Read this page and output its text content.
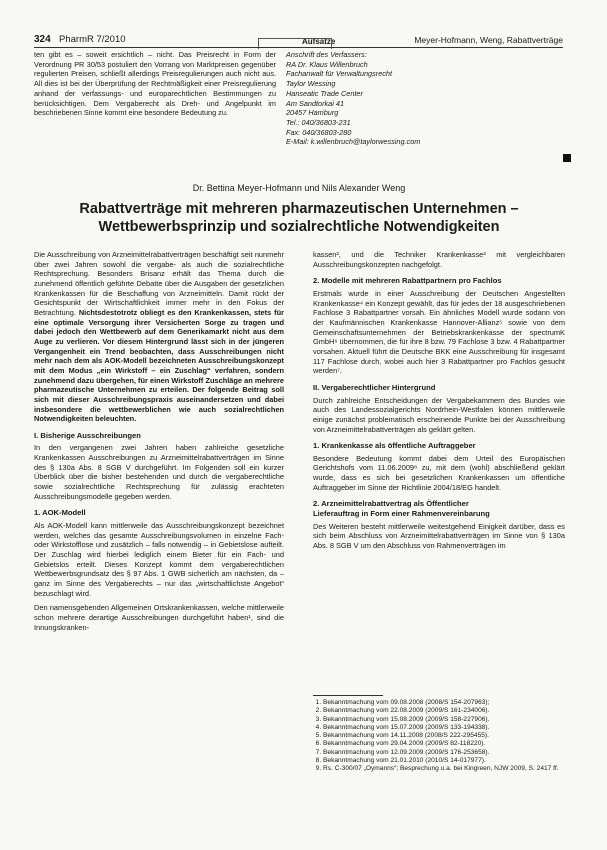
324 PharmR 7/2010	Aufsätze	Meyer-Hofmann, Weng, Rabattverträge
ten gibt es – soweit ersichtlich – nicht. Das Preisrecht in Form der Verordnung PR 30/53 postuliert den Vorrang von Marktpreisen gegenüber regulierten Preisen, schließt allerdings Preisregulierungen auch nicht aus. All dies ist bei der Überprüfung der Rechtmäßigkeit einer Preisregulierung anhand der verfassungs- und europarechtlichen Bestimmungen zu berücksichtigen. Dem Vergaberecht als Dreh- und Angelpunkt im beschriebenen Sinne kommt eine besondere Bedeutung zu.
Anschrift des Verfassers:
RA Dr. Klaus Willenbruch
Fachanwalt für Verwaltungsrecht
Taylor Wessing
Hanseatic Trade Center
Am Sandtorkai 41
20457 Hamburg
Tel.: 040/36803-231
Fax: 040/36803-280
E-Mail: k.willenbruch@taylorwessing.com
Dr. Bettina Meyer-Hofmann und Nils Alexander Weng
Rabattverträge mit mehreren pharmazeutischen Unternehmen –
Wettbewerbsprinzip und sozialrechtliche Notwendigkeiten

Die Ausschreibung von Arzneimittelrabattverträgen beschäftigt seit nunmehr über zwei Jahren sowohl die vergabe- als auch die sozialrechtliche Rechtsprechung. Besonders Brisanz erhält das Thema durch die zunehmend öffentlich geführte Debatte über die Ausgaben der gesetzlichen Krankenkassen für die Beschaffung von Arzneimitteln. Damit rückt der Gesichtspunkt der Wirtschaftlichkeit immer mehr in den Fokus der Betrachtung. Nichtsdestotrotz obliegt es den Krankenkassen, stets für eine optimale Versorgung ihrer Versicherten Sorge zu tragen und dabei jedoch den Wettbewerb auf dem Generikamarkt nicht aus dem Auge zu verlieren. Vor diesem Hintergrund lässt sich in der jüngeren Vergangenheit ein Trend beobachten, dass Ausschreibungen nicht mehr nach dem als AOK-Modell bezeichneten Ausschreibungskonzept mit dem Modus „ein Wirkstoff – ein Zuschlag“ verfahren, sondern zunehmend dazu übergehen, für einen Wirkstoff Zuschläge an mehrere pharmazeutische Unternehmen zu erteilen. Der folgende Beitrag soll sich mit dieser Ausschreibungspraxis auseinandersetzen und dabei insbesondere die wettbewerblichen wie auch sozialrechtlichen Notwendigkeiten beleuchten.

I. Bisherige Ausschreibungen

In den vergangenen zwei Jahren haben zahlreiche gesetzliche Krankenkassen Ausschreibungen zu Arzneimittelrabattverträgen im Sinne des § 130a Abs. 8 SGB V durchgeführt. Im Folgenden soll ein kurzer Überblick über die bisher bestehenden und durch die vergaberechtliche sowie sozialrechtliche Rechtsprechung für zulässig erachteten Ausschreibungsmodelle gegeben werden.

1. AOK-Modell

Als AOK-Modell kann mittlerweile das Ausschreibungskonzept bezeichnet werden, welches das gesamte Ausschreibungsvolumen in einzelne Fach- oder Wirkstofflose und zusätzlich – falls notwendig – in Gebietslose aufteilt. Der Zuschlag wird hierbei lediglich einem Bieter für ein Fach- und Gebietslos erteilt. Dieses Konzept kommt dem vergaberechtlichen Wettbewerbsgrundsatz des § 97 Abs. 1 GWB sicherlich am nächsten, da – ganz im Sinne des Vergaberechts – nur das „wirtschaftlichste Angebot“ bezuschlagt wird.

Den namensgebenden Allgemeinen Ortskrankenkassen, welche mittlerweile schon mehrere derartige Ausschreibungen durchgeführt haben¹, sind die Innungskranken-

kassen², und die Techniker Krankenkasse³ mit vergleichbaren Ausschreibungskonzepten nachgefolgt.

2. Modelle mit mehreren Rabattpartnern pro Fachlos

Erstmals wurde in einer Ausschreibung der Deutschen Angestellten Krankenkasse⁴ ein Konzept gewählt, das für jedes der 18 ausgeschriebenen Fachlose 3 Rabattpartner vorsah. Ein ähnliches Modell wurde sodann von der Kaufmännischen Krankenkasse Hannover-Allianz⁵ sowie von dem Gemeinschaftsunternehmen der Betriebskrankenkasse der spectrumK GmbH⁶ übernommen, die für ihre 8 bzw. 79 Fachlose 3 bzw. 4 Rabattpartner vorsahen. Aktuell führt die Deutsche BKK eine Ausschreibung für insgesamt 117 Fachlose durch, wobei auch hier 3 Rabattpartner pro Fachlos gesucht werden⁷.

II. Vergaberechtlicher Hintergrund

Durch zahlreiche Entscheidungen der Vergabekammern des Bundes wie auch des Landessozialgerichts Nordrhein-Westfalen können mittlerweile einige zunächst problematisch erscheinende Punkte bei der Ausschreibung von Arzneimittelrabattverträgen als geklärt gelten.

1. Krankenkasse als öffentliche Auftraggeber

Besondere Bedeutung kommt dabei dem Urteil des Europäischen Gerichtshofs vom 11.06.2009⁸ zu, mit dem (wohl) abschließend geklärt wurde, dass es sich bei gesetzlichen Krankenkassen um öffentliche Auftraggeber im Sinne der Richtlinie 2004/18/EG handelt.

2. Arzneimittelrabattvertrag als Öffentlicher
Lieferauftrag in Form einer Rahmenvereinbarung

Des Weiteren besteht mittlerweile weitestgehend Einigkeit darüber, dass es sich beim Abschluss von Arzneimittelrabattverträgen im Sinne von § 130a Abs. 8 SGB V um den Abschluss von Rahmenverträgen im

1. Bekanntmachung vom 09.08.2008 (2008/S 154-207963);
2. Bekanntmachung vom 22.08.2009 (2009/S 161-234006).
3. Bekanntmachung vom 15.08.2009 (2009/S 158-227906).
4. Bekanntmachung vom 15.07.2009 (2009/S 133-194338).
5. Bekanntmachung vom 14.11.2008 (2008/S 222-295455).
6. Bekanntmachung vom 29.04.2009 (2009/S 82-118220).
7. Bekanntmachung vom 12.09.2009 (2009/S 176-253658).
8. Bekanntmachung vom 21.01.2010 (2010/S 14-017977).
9. Rs. C-300/07 „Oymanns“; Besprechung u.a. bei Kingreen, NJW 2009, S. 2417 ff.
